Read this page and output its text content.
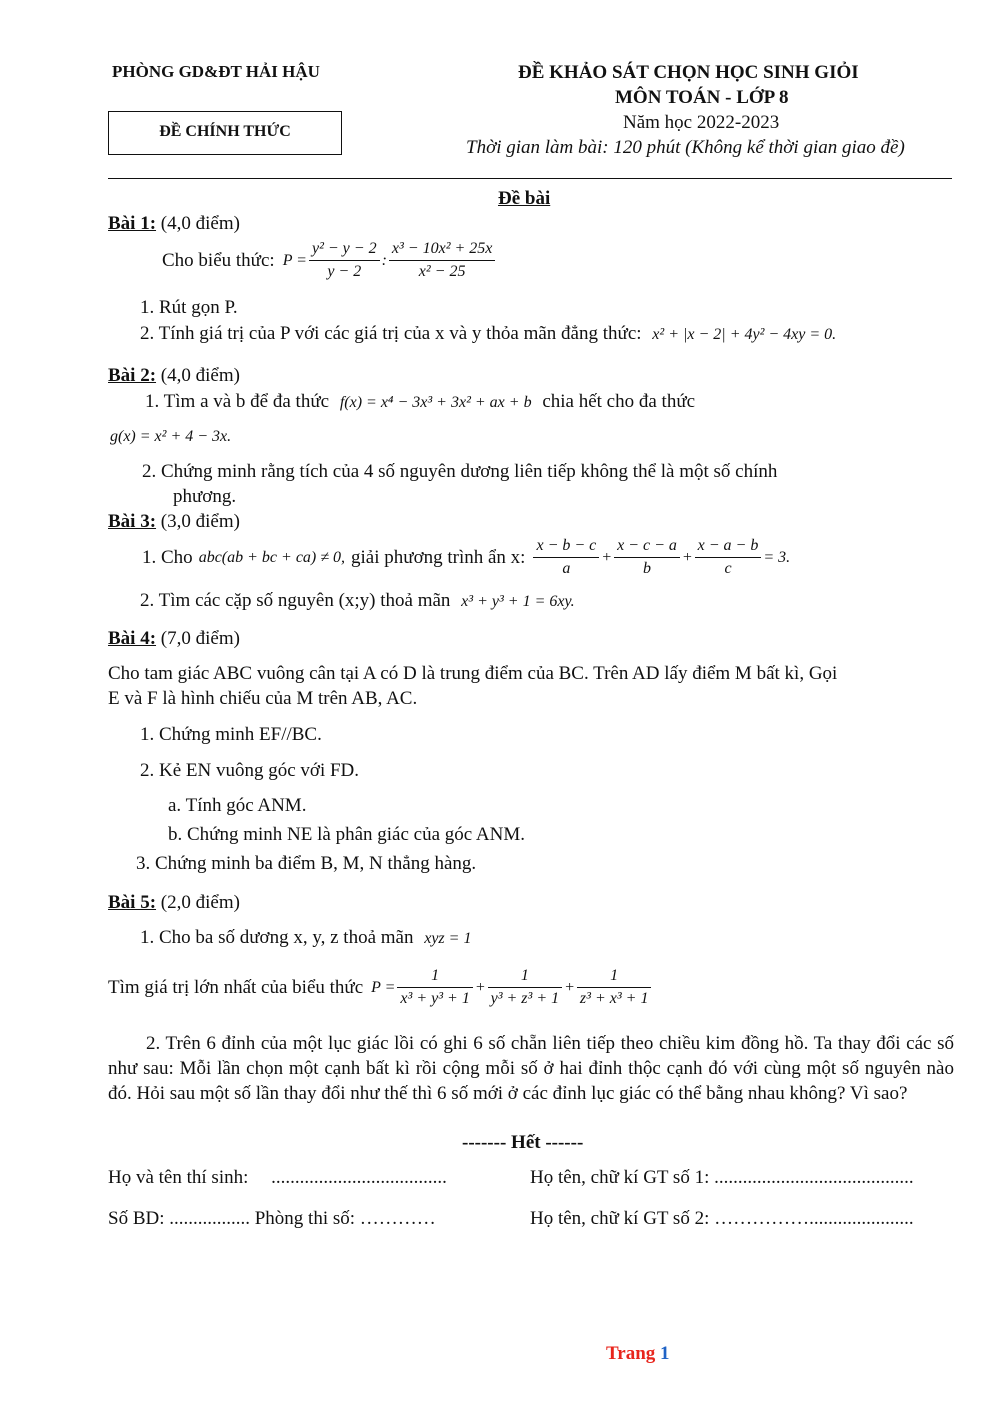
PHÒNG GD&ĐT HẢI HẬU
ĐỀ CHÍNH THỨC
ĐỀ KHẢO SÁT CHỌN HỌC SINH GIỎI
MÔN TOÁN - LỚP 8
Năm học 2022-2023
Thời gian làm bài: 120 phút (Không kể thời gian giao đề)
Đề bài
Bài 1: (4,0 điểm)
Cho biểu thức: $P = \frac{\text{y² − y − 2}}{y - 2}$ : $\frac{\text{x³ − 10x² + 25x}}{\text{x² − 25}}$
1. Rút gọn P.
2. Tính giá trị của P với các giá trị của x và y thỏa mãn đẳng thức: x² + |x − 2| + 4y² − 4xy = 0.
Bài 2: (4,0 điểm)
1. Tìm a và b để đa thức f(x) = x⁴ − 3x³ + 3x² + ax + b chia hết cho đa thức
g(x) = x² + 4 − 3x.
2. Chứng minh rằng tích của 4 số nguyên dương liên tiếp không thể là một số chính
phương.
Bài 3: (3,0 điểm)
1. Cho abc(ab + bc + ca) ≠ 0, giải phương trình ẩn x: $\frac{x - b - c}{a} + \frac{x - c - a}{b} + \frac{x - a - b}{c} = 3$.
2. Tìm các cặp số nguyên (x;y) thoả mãn x³ + y³ + 1 = 6xy.
Bài 4: (7,0 điểm)
Cho tam giác ABC vuông cân tại A có D là trung điểm của BC. Trên AD lấy điểm M bất kì, Gọi
E và F là hình chiếu của M trên AB, AC.
1. Chứng minh EF//BC.
2. Kẻ EN vuông góc với FD.
a. Tính góc ANM.
b. Chứng minh NE là phân giác của góc ANM.
3. Chứng minh ba điểm B, M, N thẳng hàng.
Bài 5: (2,0 điểm)
1. Cho ba số dương x, y, z thoả mãn xyz = 1
Tìm giá trị lớn nhất của biểu thức $P = \frac{1}{\text{x³ + y³ + 1}} + \frac{1}{\text{y³ + z³ + 1}} + \frac{1}{\text{z³ + x³ + 1}}$
2. Trên 6 đỉnh của một lục giác lồi có ghi 6 số chẵn liên tiếp theo chiều kim đồng hồ. Ta thay đổi các số như sau: Mỗi lần chọn một cạnh bất kì rồi cộng mỗi số ở hai đỉnh thộc cạnh đó với cùng một số nguyên nào đó. Hỏi sau một số lần thay đổi như thế thì 6 số mới ở các đỉnh lục giác có thể bằng nhau không? Vì sao?
------- Hết ------
Họ và tên thí sinh: .....................................	Họ tên, chữ kí GT số 1: ..........................................
Số BD: ................. Phòng thi số: …………	Họ tên, chữ kí GT số 2: ……………......................
Trang 1
